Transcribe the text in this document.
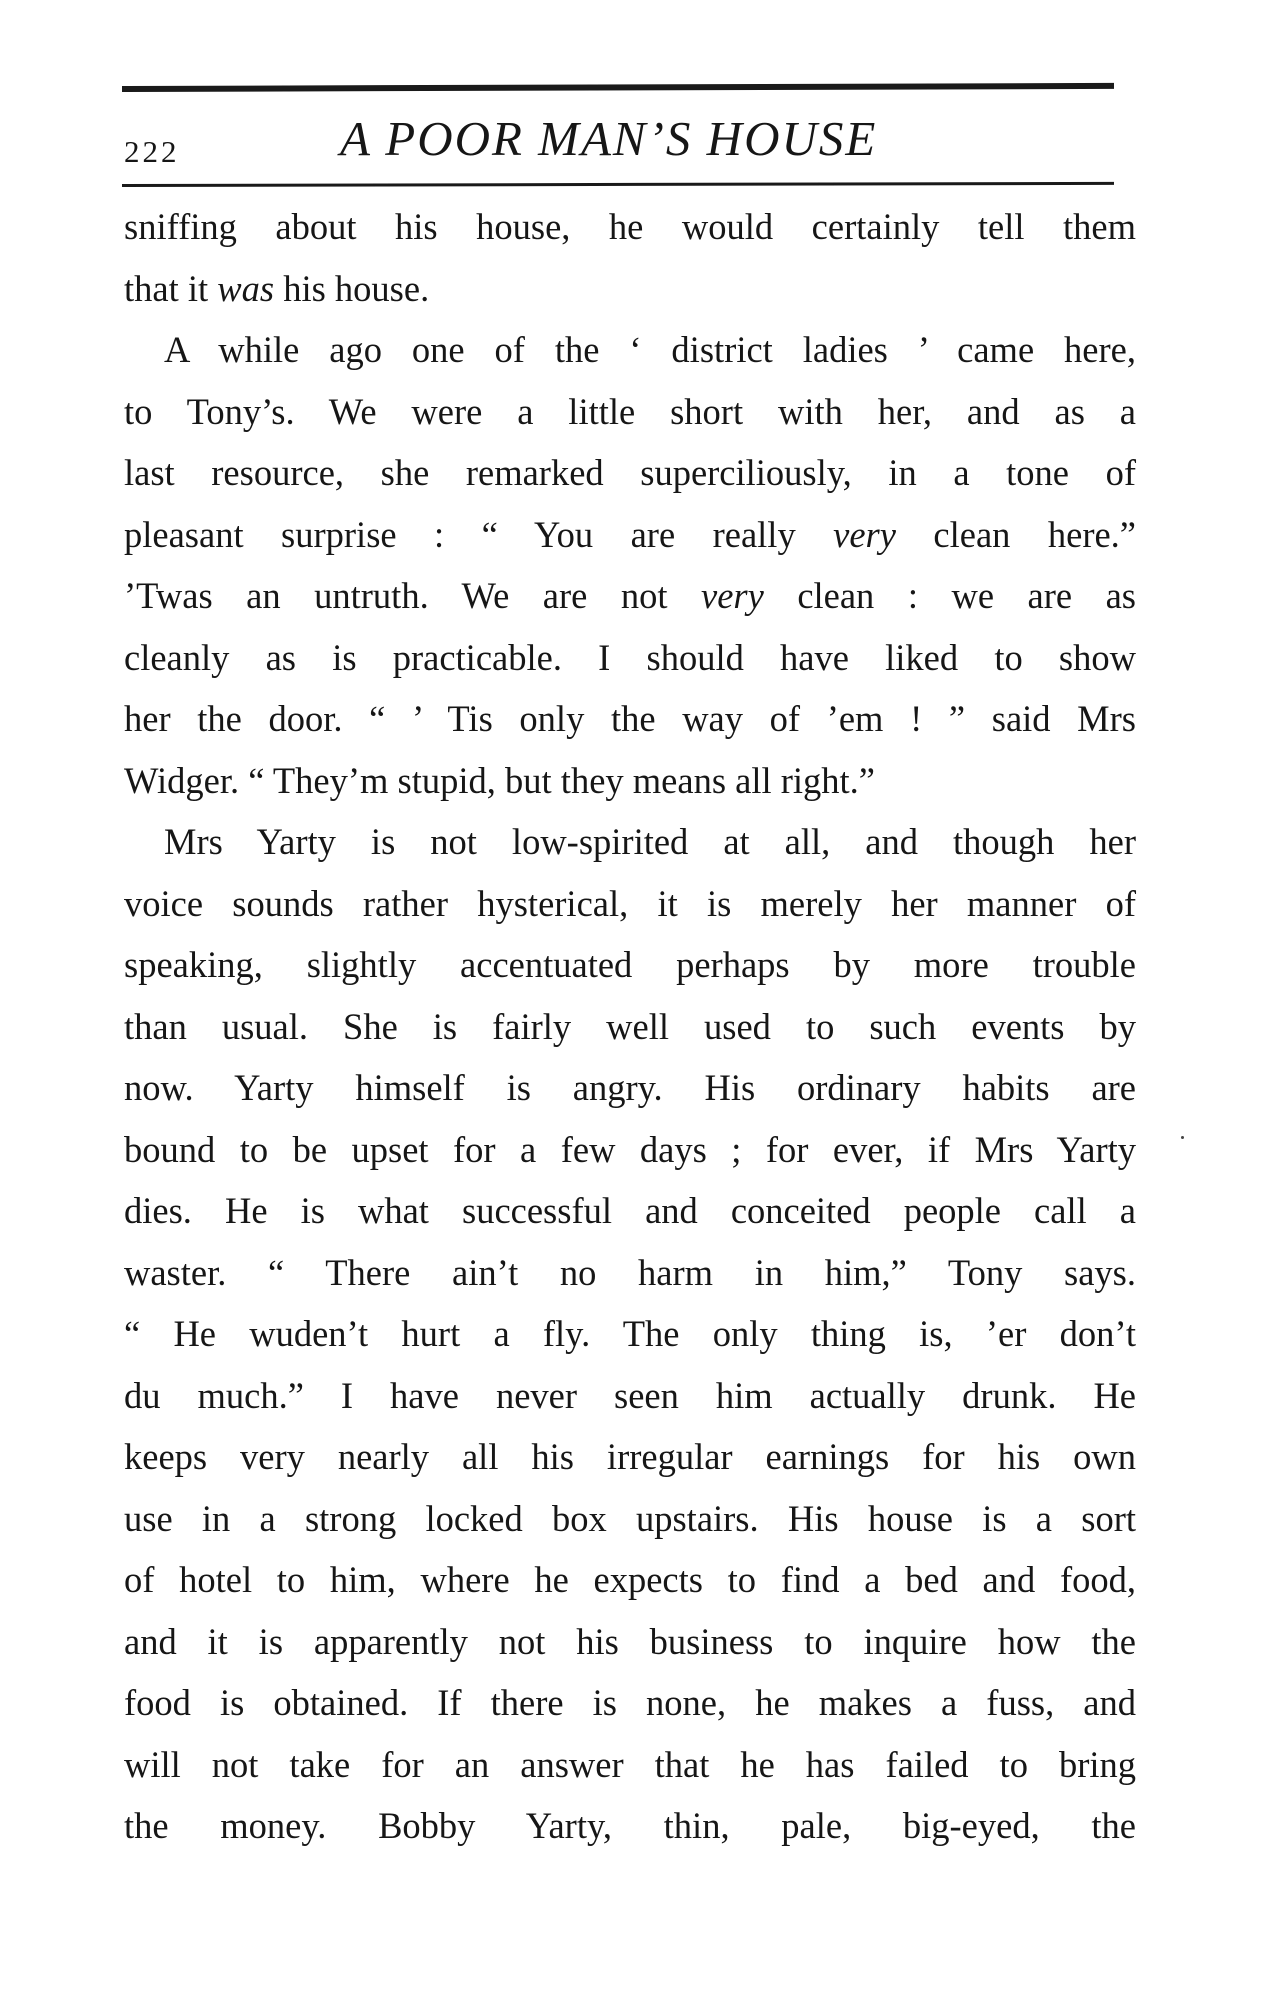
222	A POOR MAN’S HOUSE
sniffing about his house, he would certainly tell them
that it was his house.
A while ago one of the ‘ district ladies ’ came here,
to Tony’s. We were a little short with her, and as a
last resource, she remarked superciliously, in a tone of
pleasant surprise : “ You are really very clean here.”
’Twas an untruth. We are not very clean : we are as
cleanly as is practicable. I should have liked to show
her the door. “ ’ Tis only the way of ’em ! ” said Mrs
Widger. “ They’m stupid, but they means all right.”
Mrs Yarty is not low-spirited at all, and though her
voice sounds rather hysterical, it is merely her manner of
speaking, slightly accentuated perhaps by more trouble
than usual. She is fairly well used to such events by
now. Yarty himself is angry. His ordinary habits are
bound to be upset for a few days ; for ever, if Mrs Yarty
dies. He is what successful and conceited people call a
waster. “ There ain’t no harm in him,” Tony says.
“ He wuden’t hurt a fly. The only thing is, ’er don’t
du much.” I have never seen him actually drunk. He
keeps very nearly all his irregular earnings for his own
use in a strong locked box upstairs. His house is a sort
of hotel to him, where he expects to find a bed and food,
and it is apparently not his business to inquire how the
food is obtained. If there is none, he makes a fuss, and
will not take for an answer that he has failed to bring
the money. Bobby Yarty, thin, pale, big-eyed, the
